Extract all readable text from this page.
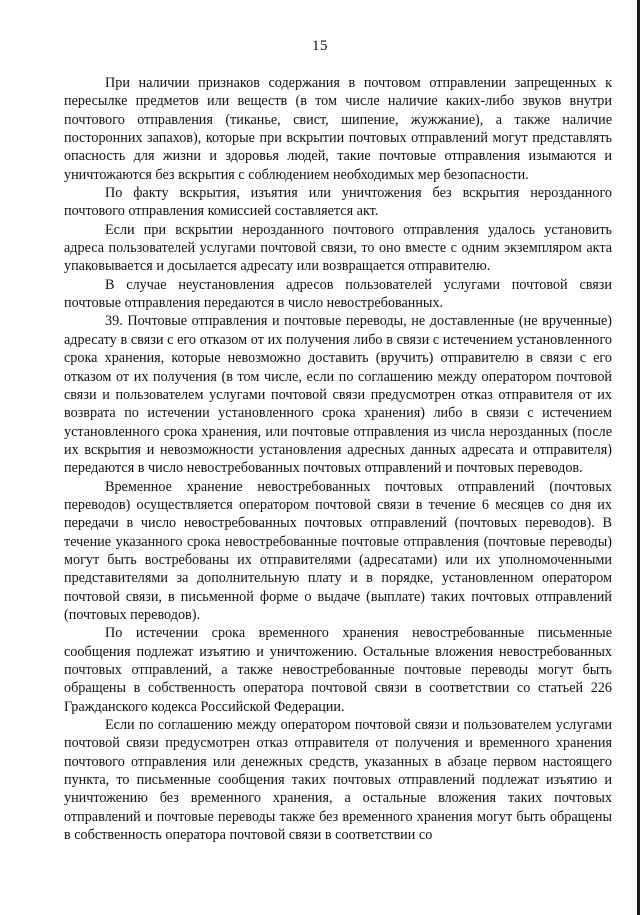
15

При наличии признаков содержания в почтовом отправлении запрещенных к пересылке предметов или веществ (в том числе наличие каких-либо звуков внутри почтового отправления (тиканье, свист, шипение, жужжание), а также наличие посторонних запахов), которые при вскрытии почтовых отправлений могут представлять опасность для жизни и здоровья людей, такие почтовые отправления изымаются и уничтожаются без вскрытия с соблюдением необходимых мер безопасности.

По факту вскрытия, изъятия или уничтожения без вскрытия нерозданного почтового отправления комиссией составляется акт.

Если при вскрытии нерозданного почтового отправления удалось установить адреса пользователей услугами почтовой связи, то оно вместе с одним экземпляром акта упаковывается и досылается адресату или возвращается отправителю.

В случае неустановления адресов пользователей услугами почтовой связи почтовые отправления передаются в число невостребованных.

39. Почтовые отправления и почтовые переводы, не доставленные (не врученные) адресату в связи с его отказом от их получения либо в связи с истечением установленного срока хранения, которые невозможно доставить (вручить) отправителю в связи с его отказом от их получения (в том числе, если по соглашению между оператором почтовой связи и пользователем услугами почтовой связи предусмотрен отказ отправителя от их возврата по истечении установленного срока хранения) либо в связи с истечением установленного срока хранения, или почтовые отправления из числа нерозданных (после их вскрытия и невозможности установления адресных данных адресата и отправителя) передаются в число невостребованных почтовых отправлений и почтовых переводов.

Временное хранение невостребованных почтовых отправлений (почтовых переводов) осуществляется оператором почтовой связи в течение 6 месяцев со дня их передачи в число невостребованных почтовых отправлений (почтовых переводов). В течение указанного срока невостребованные почтовые отправления (почтовые переводы) могут быть востребованы их отправителями (адресатами) или их уполномоченными представителями за дополнительную плату и в порядке, установленном оператором почтовой связи, в письменной форме о выдаче (выплате) таких почтовых отправлений (почтовых переводов).

По истечении срока временного хранения невостребованные письменные сообщения подлежат изъятию и уничтожению. Остальные вложения невостребованных почтовых отправлений, а также невостребованные почтовые переводы могут быть обращены в собственность оператора почтовой связи в соответствии со статьей 226 Гражданского кодекса Российской Федерации.

Если по соглашению между оператором почтовой связи и пользователем услугами почтовой связи предусмотрен отказ отправителя от получения и временного хранения почтового отправления или денежных средств, указанных в абзаце первом настоящего пункта, то письменные сообщения таких почтовых отправлений подлежат изъятию и уничтожению без временного хранения, а остальные вложения таких почтовых отправлений и почтовые переводы также без временного хранения могут быть обращены в собственность оператора почтовой связи в соответствии со
